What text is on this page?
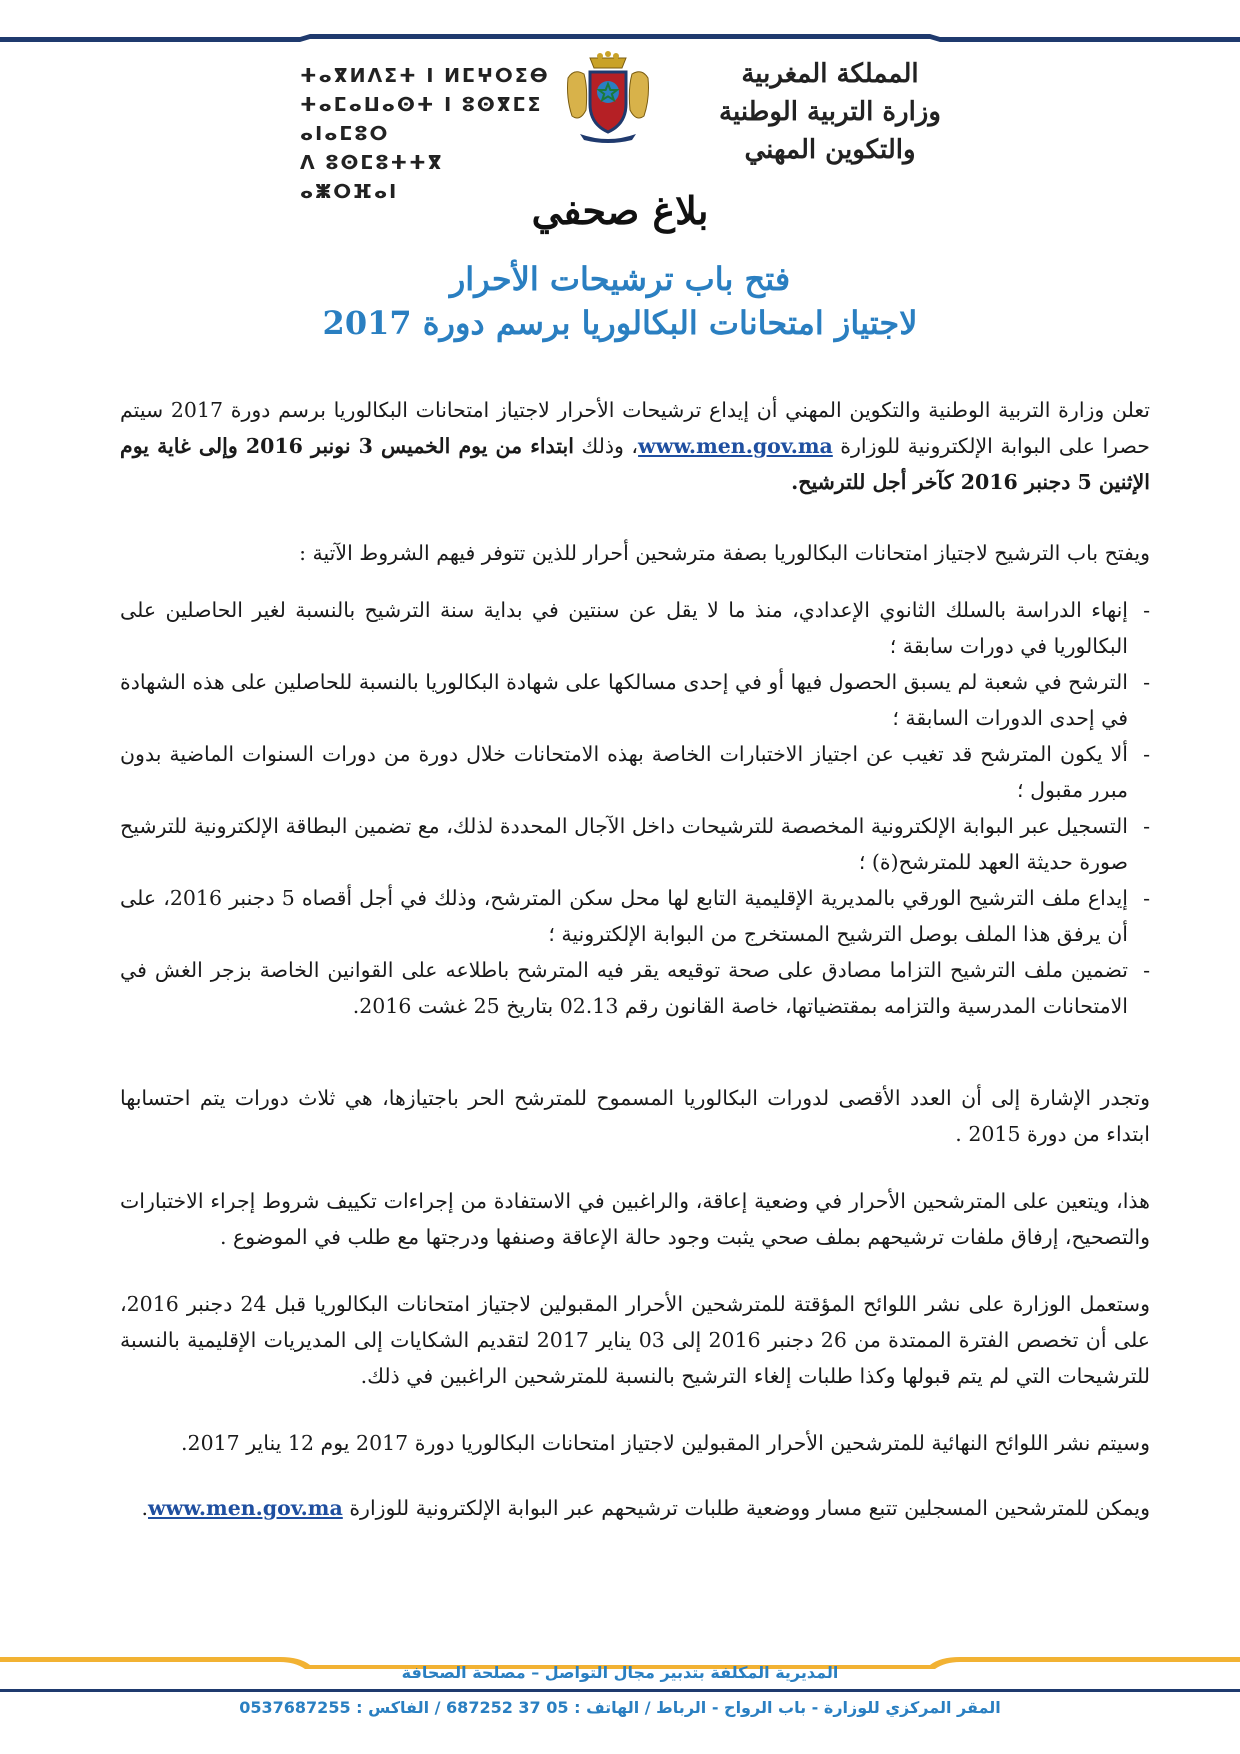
ⵜⴰⴳⵍⴷⵉⵜ ⵏ ⵍⵎⵖⵔⵉⴱ
ⵜⴰⵎⴰⵡⴰⵙⵜ ⵏ ⵓⵙⴳⵎⵉ ⴰⵏⴰⵎⵓⵔ
ⴷ ⵓⵙⵎⵓⵜⵜⴳ ⴰⵥⵔⴼⴰⵏ
المملكة المغربية
وزارة التربية الوطنية
والتكوين المهني
بلاغ صحفي
فتح باب ترشيحات الأحرار
لاجتياز امتحانات البكالوريا برسم دورة 2017
تعلن وزارة التربية الوطنية والتكوين المهني أن إيداع ترشيحات الأحرار لاجتياز امتحانات البكالوريا برسم دورة 2017 سيتم حصرا على البوابة الإلكترونية للوزارة www.men.gov.ma، وذلك ابتداء من يوم الخميس 3 نونبر 2016 وإلى غاية يوم الإثنين 5 دجنبر 2016 كآخر أجل للترشيح.
ويفتح باب الترشيح لاجتياز امتحانات البكالوريا بصفة مترشحين أحرار للذين تتوفر فيهم الشروط الآتية :
-
إنهاء الدراسة بالسلك الثانوي الإعدادي، منذ ما لا يقل عن سنتين في بداية سنة الترشيح بالنسبة لغير الحاصلين على البكالوريا في دورات سابقة ؛
-
الترشح في شعبة لم يسبق الحصول فيها أو في إحدى مسالكها على شهادة البكالوريا بالنسبة للحاصلين على هذه الشهادة في إحدى الدورات السابقة ؛
-
ألا يكون المترشح قد تغيب عن اجتياز الاختبارات الخاصة بهذه الامتحانات خلال دورة من دورات السنوات الماضية بدون مبرر مقبول ؛
-
التسجيل عبر البوابة الإلكترونية المخصصة للترشيحات داخل الآجال المحددة لذلك، مع تضمين البطاقة الإلكترونية للترشيح صورة حديثة العهد للمترشح(ة) ؛
-
إيداع ملف الترشيح الورقي بالمديرية الإقليمية التابع لها محل سكن المترشح، وذلك في أجل أقصاه 5 دجنبر 2016، على أن يرفق هذا الملف بوصل الترشيح المستخرج من البوابة الإلكترونية ؛
-
تضمين ملف الترشيح التزاما مصادق على صحة توقيعه يقر فيه المترشح باطلاعه على القوانين الخاصة بزجر الغش في الامتحانات المدرسية والتزامه بمقتضياتها، خاصة القانون رقم 02.13 بتاريخ 25 غشت 2016.
وتجدر الإشارة إلى أن العدد الأقصى لدورات البكالوريا المسموح للمترشح الحر باجتيازها، هي ثلاث دورات يتم احتسابها ابتداء من دورة 2015 .
هذا، ويتعين على المترشحين الأحرار في وضعية إعاقة، والراغبين في الاستفادة من إجراءات تكييف شروط إجراء الاختبارات والتصحيح، إرفاق ملفات ترشيحهم بملف صحي يثبت وجود حالة الإعاقة وصنفها ودرجتها مع طلب في الموضوع .
وستعمل الوزارة على نشر اللوائح المؤقتة للمترشحين الأحرار المقبولين لاجتياز امتحانات البكالوريا قبل 24 دجنبر 2016، على أن تخصص الفترة الممتدة من 26 دجنبر 2016 إلى 03 يناير 2017 لتقديم الشكايات إلى المديريات الإقليمية بالنسبة للترشيحات التي لم يتم قبولها وكذا طلبات إلغاء الترشيح بالنسبة للمترشحين الراغبين في ذلك.
وسيتم نشر اللوائح النهائية للمترشحين الأحرار المقبولين لاجتياز امتحانات البكالوريا دورة 2017 يوم 12 يناير 2017.
ويمكن للمترشحين المسجلين تتبع مسار ووضعية طلبات ترشيحهم عبر البوابة الإلكترونية للوزارة www.men.gov.ma.
المديرية المكلفة بتدبير مجال التواصل – مصلحة الصحافة
المقر المركزي للوزارة - باب الرواح - الرباط / الهاتف : 05 37 687252 / الفاكس : 0537687255
